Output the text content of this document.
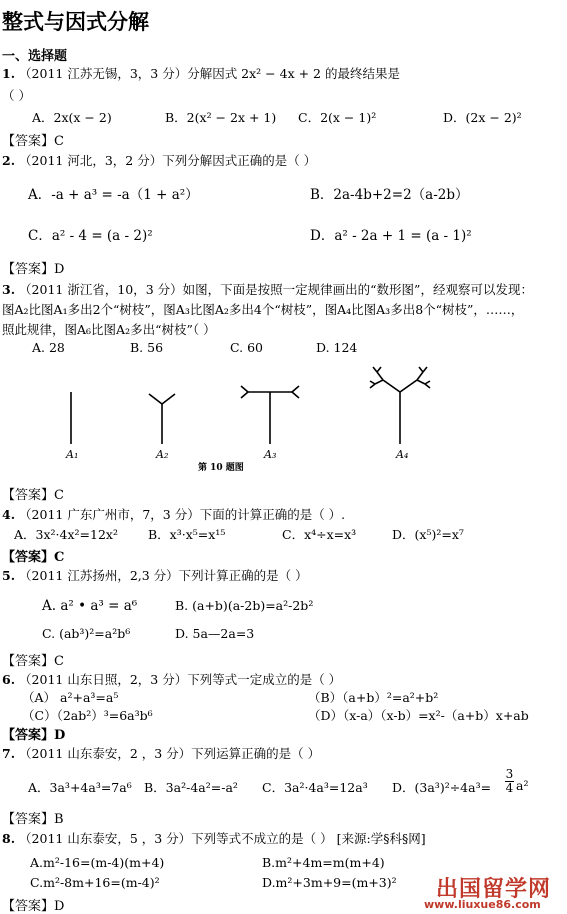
整式与因式分解
一、选择题
1. （2011 江苏无锡，3，3 分）分解因式 2x² − 4x + 2 的最终结果是
（ ）
A．2x(x − 2)	B．2(x² − 2x + 1) C．2(x − 1)²	D．(2x − 2)²
【答案】C
2. （2011 河北，3，2 分）下列分解因式正确的是（ ）
A．-a + a³ = -a（1 + a²）	B．2a-4b+2=2（a-2b）
C．a² - 4 = (a - 2)²	D．a² - 2a + 1 = (a - 1)²
【答案】D
3. （2011 浙江省，10，3 分）如图，下面是按照一定规律画出的“数形图”，经观察可以发现：
图A₂比图A₁多出2个“树枝”，图A₃比图A₂多出4个“树枝”，图A₄比图A₃多出8个“树枝”，……，
照此规律，图A₆比图A₂多出“树枝”（ ）
A. 28	B. 56	C. 60	D. 124
A₁	A₂	A₃	A₄
第 10 题图
【答案】C
4. （2011 广东广州市，7，3 分）下面的计算正确的是（ ）.
A．3x²·4x²=12x² B．x³·x⁵=x¹⁵	C．x⁴÷x=x³	D．(x⁵)²=x⁷
【答案】C
5. （2011 江苏扬州，2,3 分）下列计算正确的是（ ）
A. a² • a³ = a⁶	B. (a+b)(a-2b)=a²-2b²
C. (ab³)²=a²b⁶	D. 5a—2a=3
【答案】C
6. （2011 山东日照，2，3 分）下列等式一定成立的是（ ）
（A） a²+a³=a⁵	（B）（a+b）²=a²+b²
（C）（2ab²）³=6a³b⁶	（D）（x-a）（x-b）=x²-（a+b）x+ab
【答案】D
7. （2011 山东泰安，2 ，3 分）下列运算正确的是（ ）
A．3a³+4a³=7a⁶ B．3a²-4a²=-a² C．3a²·4a³=12a³ D．(3a³)²÷4a³=
3
4 a²
【答案】B
8. （2011 山东泰安，5 ，3 分）下列等式不成立的是（ ） [来源:学§科§网]
A.m²-16=(m-4)(m+4)	B.m²+4m=m(m+4)
C.m²-8m+16=(m-4)²	D.m²+3m+9=(m+3)²
【答案】D
出国留学网
www.liuxue86.com
